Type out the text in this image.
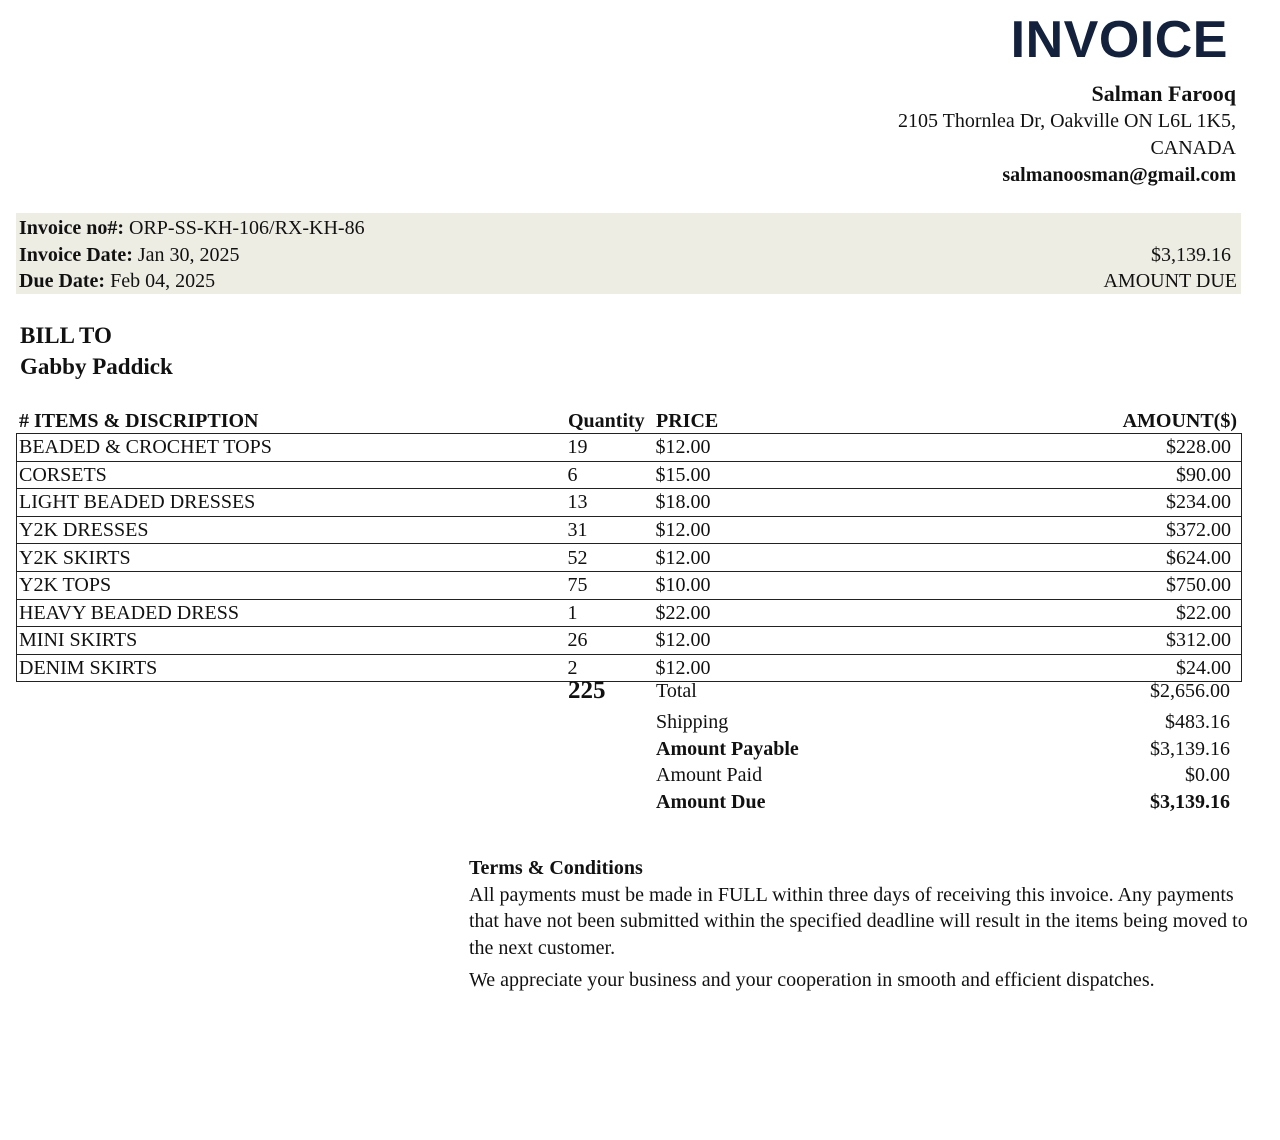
INVOICE
Salman Farooq
2105 Thornlea Dr, Oakville ON L6L 1K5,
CANADA
salmanoosman@gmail.com
Invoice no#: ORP-SS-KH-106/RX-KH-86
Invoice Date: Jan 30, 2025
Due Date: Feb 04, 2025
$3,139.16
AMOUNT DUE
BILL TO
Gabby Paddick
# ITEMS & DISCRIPTION	Quantity PRICE	AMOUNT($)
BEADED & CROCHET TOPS	19	$12.00	$228.00
CORSETS	6	$15.00	$90.00
LIGHT BEADED DRESSES	13	$18.00	$234.00
Y2K DRESSES	31	$12.00	$372.00
Y2K SKIRTS	52	$12.00	$624.00
Y2K TOPS	75	$10.00	$750.00
HEAVY BEADED DRESS	1	$22.00	$22.00
MINI SKIRTS	26	$12.00	$312.00
DENIM SKIRTS	2	$12.00	$24.00
225	Total	$2,656.00
Shipping	$483.16
Amount Payable	$3,139.16
Amount Paid	$0.00
Amount Due	$3,139.16
Terms & Conditions

All payments must be made in FULL within three days of receiving this invoice. Any payments that have not been submitted within the specified deadline will result in the items being moved to the next customer.

We appreciate your business and your cooperation in smooth and efficient dispatches.
